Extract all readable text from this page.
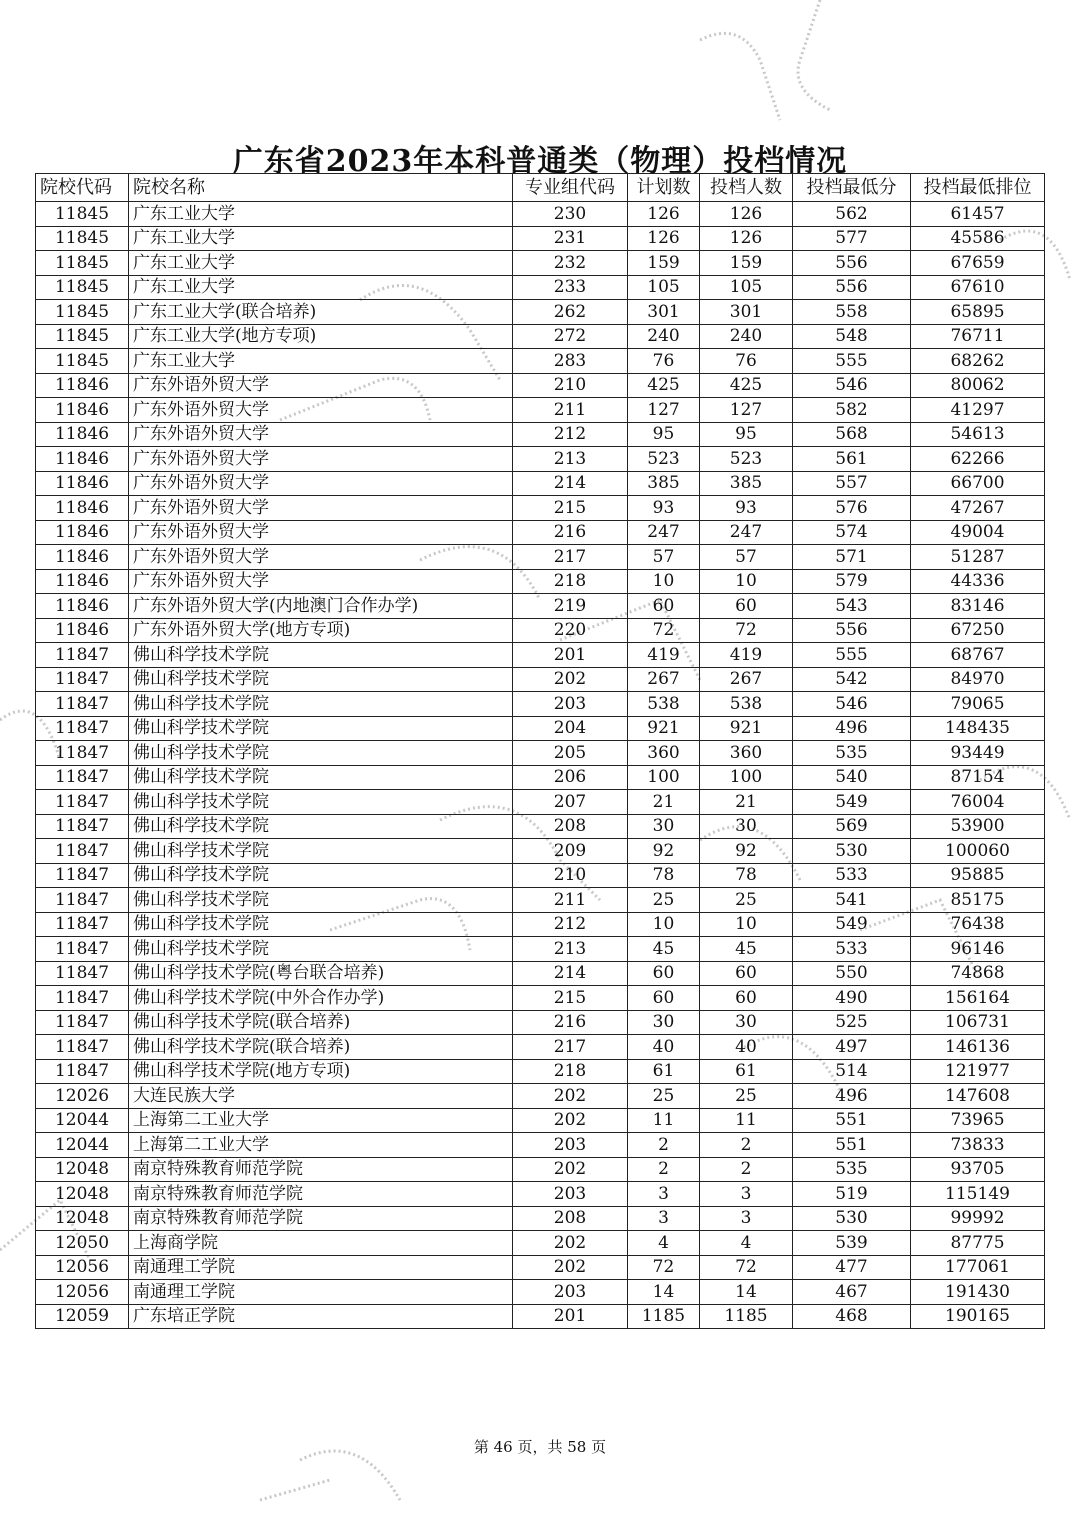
广东省2023年本科普通类（物理）投档情况
院校代码	院校名称	专业组代码	计划数	投档人数	投档最低分	投档最低排位
11845	广东工业大学	230	126	126	562	61457
11845	广东工业大学	231	126	126	577	45586
11845	广东工业大学	232	159	159	556	67659
11845	广东工业大学	233	105	105	556	67610
11845	广东工业大学(联合培养)	262	301	301	558	65895
11845	广东工业大学(地方专项)	272	240	240	548	76711
11845	广东工业大学	283	76	76	555	68262
11846	广东外语外贸大学	210	425	425	546	80062
11846	广东外语外贸大学	211	127	127	582	41297
11846	广东外语外贸大学	212	95	95	568	54613
11846	广东外语外贸大学	213	523	523	561	62266
11846	广东外语外贸大学	214	385	385	557	66700
11846	广东外语外贸大学	215	93	93	576	47267
11846	广东外语外贸大学	216	247	247	574	49004
11846	广东外语外贸大学	217	57	57	571	51287
11846	广东外语外贸大学	218	10	10	579	44336
11846	广东外语外贸大学(内地澳门合作办学)	219	60	60	543	83146
11846	广东外语外贸大学(地方专项)	220	72	72	556	67250
11847	佛山科学技术学院	201	419	419	555	68767
11847	佛山科学技术学院	202	267	267	542	84970
11847	佛山科学技术学院	203	538	538	546	79065
11847	佛山科学技术学院	204	921	921	496	148435
11847	佛山科学技术学院	205	360	360	535	93449
11847	佛山科学技术学院	206	100	100	540	87154
11847	佛山科学技术学院	207	21	21	549	76004
11847	佛山科学技术学院	208	30	30	569	53900
11847	佛山科学技术学院	209	92	92	530	100060
11847	佛山科学技术学院	210	78	78	533	95885
11847	佛山科学技术学院	211	25	25	541	85175
11847	佛山科学技术学院	212	10	10	549	76438
11847	佛山科学技术学院	213	45	45	533	96146
11847	佛山科学技术学院(粤台联合培养)	214	60	60	550	74868
11847	佛山科学技术学院(中外合作办学)	215	60	60	490	156164
11847	佛山科学技术学院(联合培养)	216	30	30	525	106731
11847	佛山科学技术学院(联合培养)	217	40	40	497	146136
11847	佛山科学技术学院(地方专项)	218	61	61	514	121977
12026	大连民族大学	202	25	25	496	147608
12044	上海第二工业大学	202	11	11	551	73965
12044	上海第二工业大学	203	2	2	551	73833
12048	南京特殊教育师范学院	202	2	2	535	93705
12048	南京特殊教育师范学院	203	3	3	519	115149
12048	南京特殊教育师范学院	208	3	3	530	99992
12050	上海商学院	202	4	4	539	87775
12056	南通理工学院	202	72	72	477	177061
12056	南通理工学院	203	14	14	467	191430
12059	广东培正学院	201	1185	1185	468	190165
第 46 页，共 58 页
